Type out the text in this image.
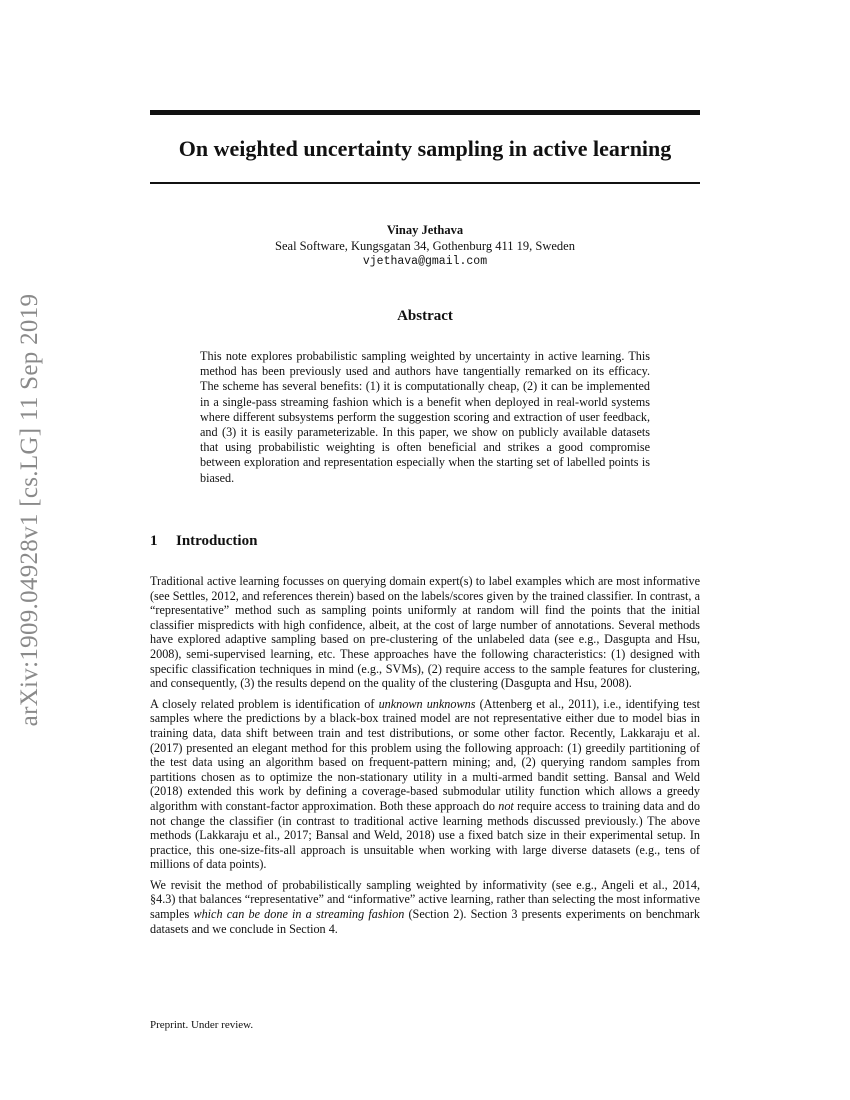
arXiv:1909.04928v1 [cs.LG] 11 Sep 2019
On weighted uncertainty sampling in active learning
Vinay Jethava
Seal Software, Kungsgatan 34, Gothenburg 411 19, Sweden
vjethava@gmail.com
Abstract
This note explores probabilistic sampling weighted by uncertainty in active learning. This method has been previously used and authors have tangentially remarked on its efficacy. The scheme has several benefits: (1) it is computationally cheap, (2) it can be implemented in a single-pass streaming fashion which is a benefit when deployed in real-world systems where different subsystems perform the suggestion scoring and extraction of user feedback, and (3) it is easily parameterizable. In this paper, we show on publicly available datasets that using probabilistic weighting is often beneficial and strikes a good compromise between exploration and representation especially when the starting set of labelled points is biased.
1 Introduction

Traditional active learning focusses on querying domain expert(s) to label examples which are most informative (see Settles, 2012, and references therein) based on the labels/scores given by the trained classifier. In contrast, a “representative” method such as sampling points uniformly at random will find the points that the initial classifier mispredicts with high confidence, albeit, at the cost of large number of annotations. Several methods have explored adaptive sampling based on pre-clustering of the unlabeled data (see e.g., Dasgupta and Hsu, 2008), semi-supervised learning, etc. These approaches have the following characteristics: (1) designed with specific classification techniques in mind (e.g., SVMs), (2) require access to the sample features for clustering, and consequently, (3) the results depend on the quality of the clustering (Dasgupta and Hsu, 2008).

A closely related problem is identification of unknown unknowns (Attenberg et al., 2011), i.e., identifying test samples where the predictions by a black-box trained model are not representative either due to model bias in training data, data shift between train and test distributions, or some other factor. Recently, Lakkaraju et al. (2017) presented an elegant method for this problem using the following approach: (1) greedily partitioning of the test data using an algorithm based on frequent-pattern mining; and, (2) querying random samples from partitions chosen as to optimize the non-stationary utility in a multi-armed bandit setting. Bansal and Weld (2018) extended this work by defining a coverage-based submodular utility function which allows a greedy algorithm with constant-factor approximation. Both these approach do not require access to training data and do not change the classifier (in contrast to traditional active learning methods discussed previously.) The above methods (Lakkaraju et al., 2017; Bansal and Weld, 2018) use a fixed batch size in their experimental setup. In practice, this one-size-fits-all approach is unsuitable when working with large diverse datasets (e.g., tens of millions of data points).

We revisit the method of probabilistically sampling weighted by informativity (see e.g., Angeli et al., 2014, §4.3) that balances “representative” and “informative” active learning, rather than selecting the most informative samples which can be done in a streaming fashion (Section 2). Section 3 presents experiments on benchmark datasets and we conclude in Section 4.

Preprint. Under review.
